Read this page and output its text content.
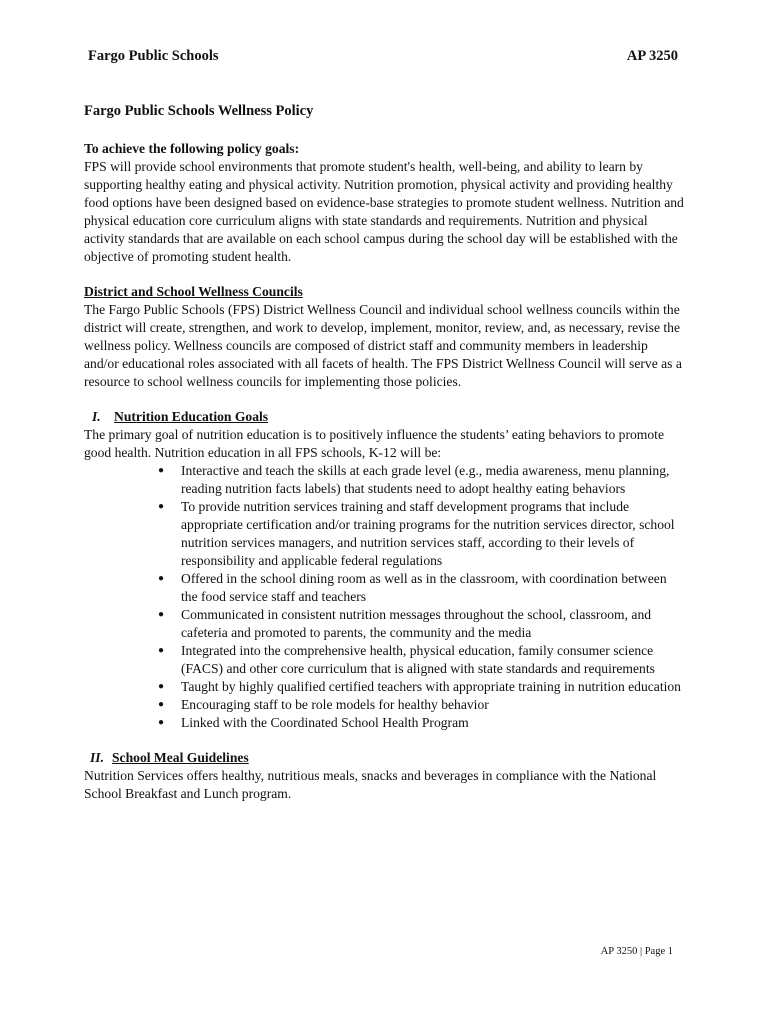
Fargo Public Schools	AP 3250

Fargo Public Schools Wellness Policy

To achieve the following policy goals:

FPS will provide school environments that promote student's health, well-being, and ability to learn by supporting healthy eating and physical activity. Nutrition promotion, physical activity and providing healthy food options have been designed based on evidence-base strategies to promote student wellness. Nutrition and physical education core curriculum aligns with state standards and requirements. Nutrition and physical activity standards that are available on each school campus during the school day will be established with the objective of promoting student health.

District and School Wellness Councils

The Fargo Public Schools (FPS) District Wellness Council and individual school wellness councils within the district will create, strengthen, and work to develop, implement, monitor, review, and, as necessary, revise the wellness policy. Wellness councils are composed of district staff and community members in leadership and/or educational roles associated with all facets of health. The FPS District Wellness Council will serve as a resource to school wellness councils for implementing those policies.

I. Nutrition Education Goals

The primary goal of nutrition education is to positively influence the students’ eating behaviors to promote good health. Nutrition education in all FPS schools, K-12 will be:

● Interactive and teach the skills at each grade level (e.g., media awareness, menu planning, reading nutrition facts labels) that students need to adopt healthy eating behaviors
● To provide nutrition services training and staff development programs that include appropriate certification and/or training programs for the nutrition services director, school nutrition services managers, and nutrition services staff, according to their levels of responsibility and applicable federal regulations
● Offered in the school dining room as well as in the classroom, with coordination between the food service staff and teachers
● Communicated in consistent nutrition messages throughout the school, classroom, and cafeteria and promoted to parents, the community and the media
● Integrated into the comprehensive health, physical education, family consumer science (FACS) and other core curriculum that is aligned with state standards and requirements
● Taught by highly qualified certified teachers with appropriate training in nutrition education
● Encouraging staff to be role models for healthy behavior
● Linked with the Coordinated School Health Program

II. School Meal Guidelines

Nutrition Services offers healthy, nutritious meals, snacks and beverages in compliance with the National School Breakfast and Lunch program.

AP 3250 | Page 1
